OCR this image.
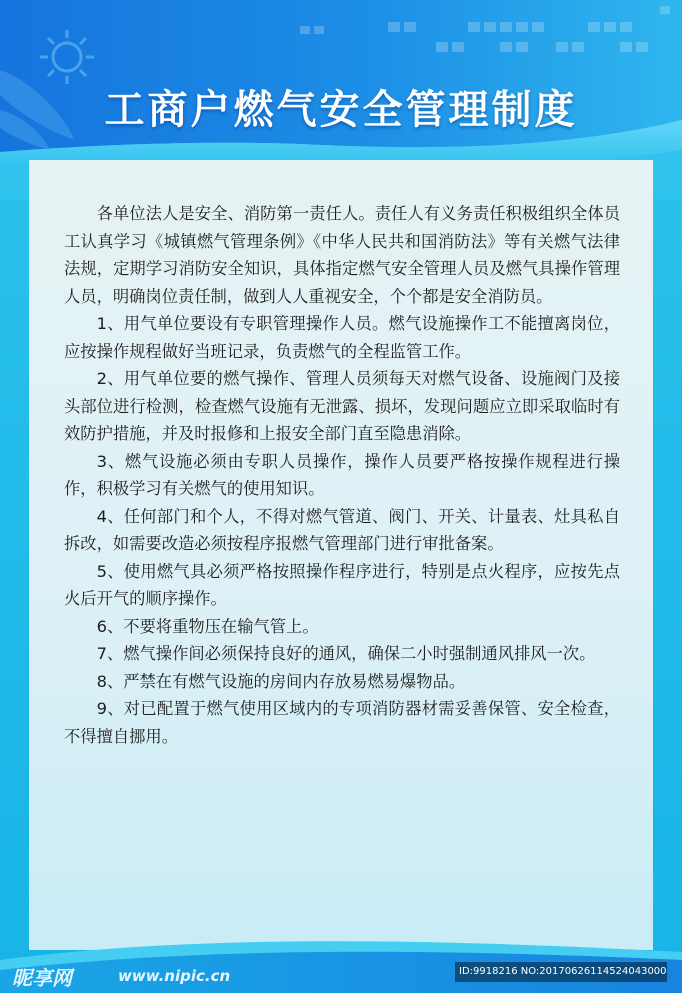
工商户燃气安全管理制度

各单位法人是安全、消防第一责任人。责任人有义务责任积极组织全体员工认真学习《城镇燃气管理条例》《中华人民共和国消防法》等有关燃气法律法规，定期学习消防安全知识，具体指定燃气安全管理人员及燃气具操作管理人员，明确岗位责任制，做到人人重视安全，个个都是安全消防员。

1、用气单位要设有专职管理操作人员。燃气设施操作工不能擅离岗位，应按操作规程做好当班记录，负责燃气的全程监管工作。

2、用气单位要的燃气操作、管理人员须每天对燃气设备、设施阀门及接头部位进行检测，检查燃气设施有无泄露、损坏，发现问题应立即采取临时有效防护措施，并及时报修和上报安全部门直至隐患消除。

3、燃气设施必须由专职人员操作，操作人员要严格按操作规程进行操作，积极学习有关燃气的使用知识。

4、任何部门和个人，不得对燃气管道、阀门、开关、计量表、灶具私自拆改，如需要改造必须按程序报燃气管理部门进行审批备案。

5、使用燃气具必须严格按照操作程序进行，特别是点火程序，应按先点火后开气的顺序操作。

6、不要将重物压在输气管上。

7、燃气操作间必须保持良好的通风，确保二小时强制通风排风一次。

8、严禁在有燃气设施的房间内存放易燃易爆物品。

9、对已配置于燃气使用区域内的专项消防器材需妥善保管、安全检查，不得擅自挪用。

昵享网	www.nipic.cn	ID:9918216 NO:20170626114524043000
